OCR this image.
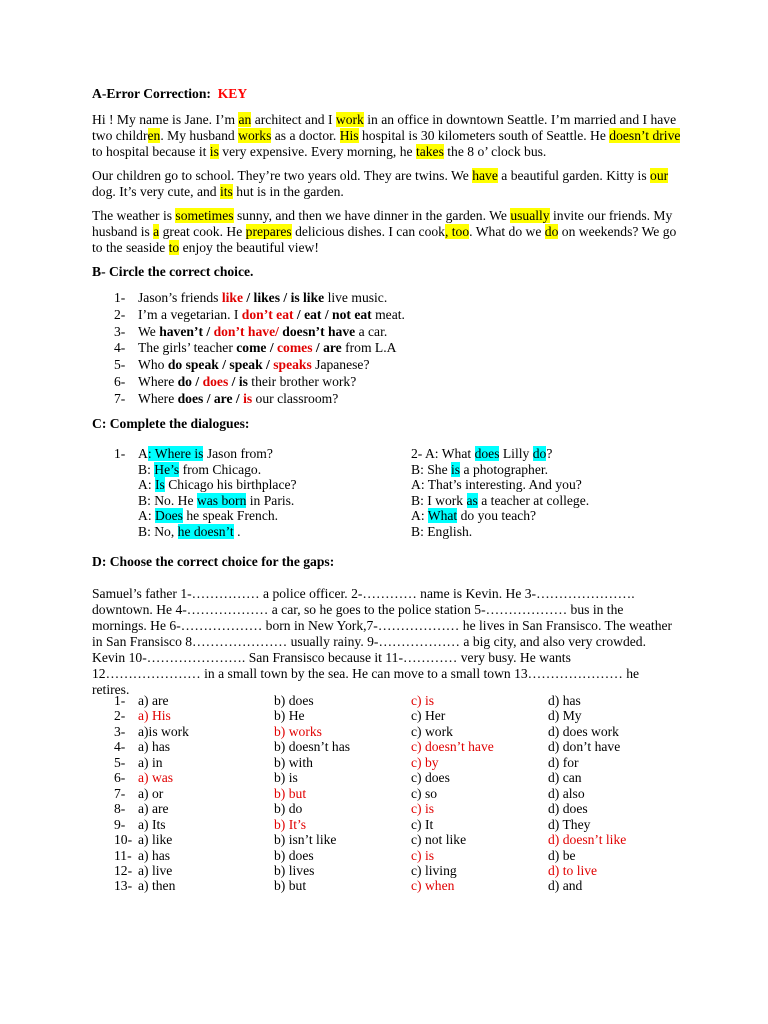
A-Error Correction: KEY
Hi ! My name is Jane. I’m an architect and I work in an office in downtown Seattle. I’m married and I have two children. My husband works as a doctor. His hospital is 30 kilometers south of Seattle. He doesn’t drive to hospital because it is very expensive. Every morning, he takes the 8 o’ clock bus.
Our children go to school. They’re two years old. They are twins. We have a beautiful garden. Kitty is our dog. It’s very cute, and its hut is in the garden.
The weather is sometimes sunny, and then we have dinner in the garden. We usually invite our friends. My husband is a great cook. He prepares delicious dishes. I can cook, too. What do we do on weekends? We go to the seaside to enjoy the beautiful view!
B- Circle the correct choice.
1- Jason’s friends like / likes / is like live music.
2- I’m a vegetarian. I don’t eat / eat / not eat meat.
3- We haven’t / don’t have/ doesn’t have a car.
4- The girls’ teacher come / comes / are from L.A
5- Who do speak / speak / speaks Japanese?
6- Where do / does / is their brother work?
7- Where does / are / is our classroom?
C: Complete the dialogues:
1- A: Where is Jason from?
B: He’s from Chicago.
A: Is Chicago his birthplace?
B: No. He was born in Paris.
A: Does he speak French.
B: No, he doesn’t .
2- A: What does Lilly do?
B: She is a photographer.
A: That’s interesting. And you?
B: I work as a teacher at college.
A: What do you teach?
B: English.
D: Choose the correct choice for the gaps:
Samuel’s father 1-…………… a police officer. 2-………… name is Kevin. He 3-…………………. downtown. He 4-……………… a car, so he goes to the police station 5-……………… bus in the mornings. He 6-……………… born in New York,7-……………… he lives in San Fransisco. The weather in San Fransisco 8………………… usually rainy. 9-……………… a big city, and also very crowded. Kevin 10-…………………. San Fransisco because it 11-………… very busy. He wants 12………………… in a small town by the sea. He can move to a small town 13………………… he retires.
1- a) are	b) does	c) is	d) has
2- a) His	b) He	c) Her	d) My
3- a)is work	b) works	c) work	d) does work
4- a) has	b) doesn’t has	c) doesn’t have	d) don’t have
5- a) in	b) with	c) by	d) for
6- a) was	b) is	c) does	d) can
7- a) or	b) but	c) so	d) also
8- a) are	b) do	c) is	d) does
9- a) Its	b) It’s	c) It	d) They
10- a) like	b) isn’t like	c) not like	d) doesn’t like
11- a) has	b) does	c) is	d) be
12- a) live	b) lives	c) living	d) to live
13- a) then	b) but	c) when	d) and
